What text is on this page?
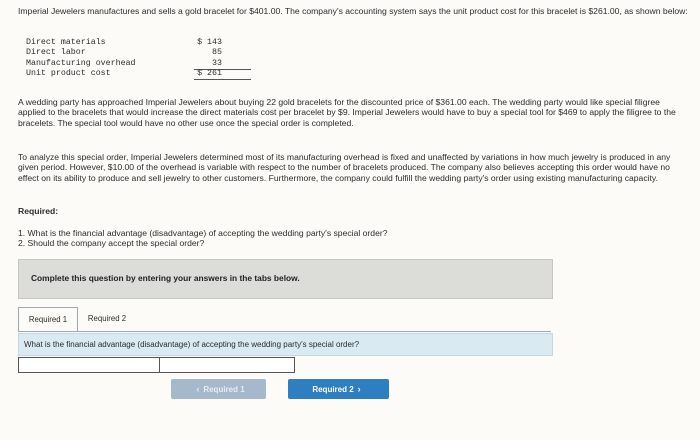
Imperial Jewelers manufactures and sells a gold bracelet for $401.00. The company's accounting system says the unit product cost for this bracelet is $261.00, as shown below:
Direct materials	$ 143
Direct labor	85
Manufacturing overhead	33
Unit product cost	$ 261
A wedding party has approached Imperial Jewelers about buying 22 gold bracelets for the discounted price of $361.00 each. The wedding party would like special filigree applied to the bracelets that would increase the direct materials cost per bracelet by $9. Imperial Jewelers would have to buy a special tool for $469 to apply the filigree to the bracelets. The special tool would have no other use once the special order is completed.
To analyze this special order, Imperial Jewelers determined most of its manufacturing overhead is fixed and unaffected by variations in how much jewelry is produced in any given period. However, $10.00 of the overhead is variable with respect to the number of bracelets produced. The company also believes accepting this order would have no effect on its ability to produce and sell jewelry to other customers. Furthermore, the company could fulfill the wedding party's order using existing manufacturing capacity.
Required:
1. What is the financial advantage (disadvantage) of accepting the wedding party's special order?
2. Should the company accept the special order?
Complete this question by entering your answers in the tabs below.
Required 1	Required 2
What is the financial advantage (disadvantage) of accepting the wedding party's special order?
‹ Required 1	Required 2 ›
